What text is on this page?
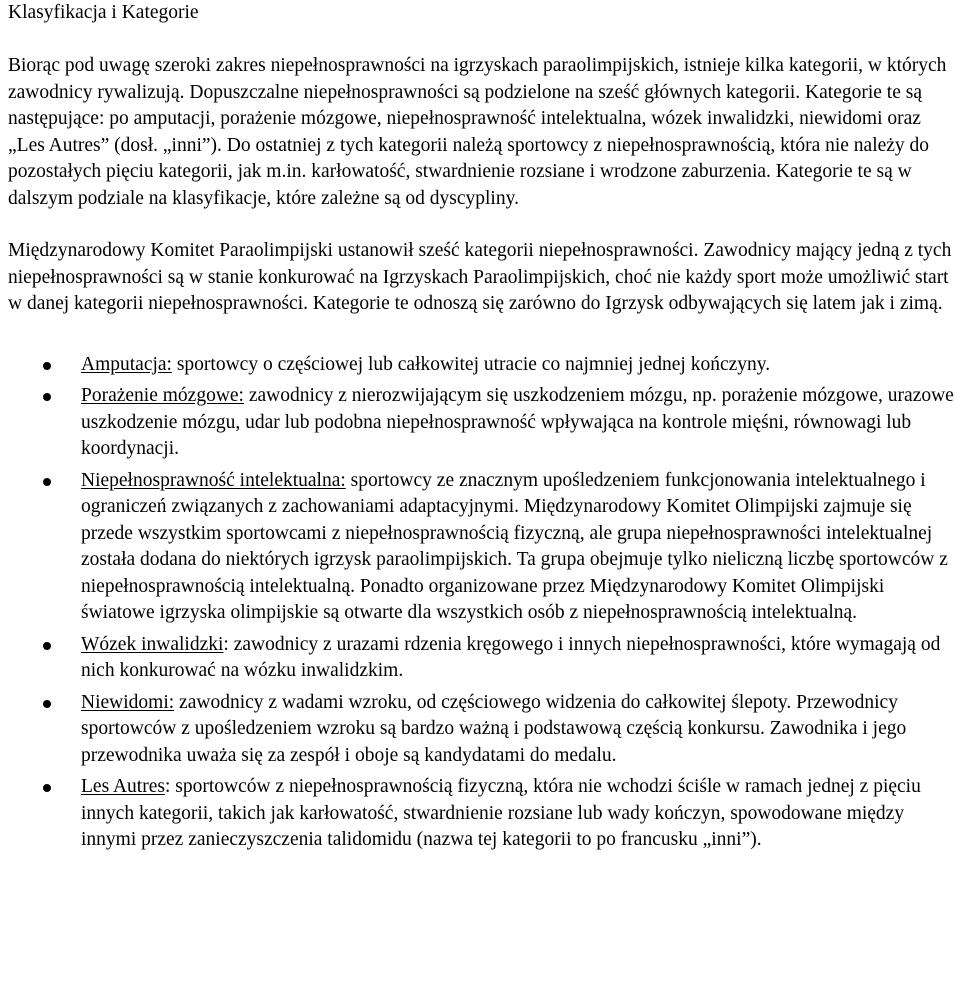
Klasyfikacja i Kategorie

Biorąc pod uwagę szeroki zakres niepełnosprawności na igrzyskach paraolimpijskich, istnieje kilka kategorii, w których zawodnicy rywalizują. Dopuszczalne niepełnosprawności są podzielone na sześć głównych kategorii. Kategorie te są następujące: po amputacji, porażenie mózgowe, niepełnosprawność intelektualna, wózek inwalidzki, niewidomi oraz „Les Autres” (dosł. „inni”). Do ostatniej z tych kategorii należą sportowcy z niepełnosprawnością, która nie należy do pozostałych pięciu kategorii, jak m.in. karłowatość, stwardnienie rozsiane i wrodzone zaburzenia. Kategorie te są w dalszym podziale na klasyfikacje, które zależne są od dyscypliny.

Międzynarodowy Komitet Paraolimpijski ustanowił sześć kategorii niepełnosprawności. Zawodnicy mający jedną z tych niepełnosprawności są w stanie konkurować na Igrzyskach Paraolimpijskich, choć nie każdy sport może umożliwić start w danej kategorii niepełnosprawności. Kategorie te odnoszą się zarówno do Igrzysk odbywających się latem jak i zimą.

Amputacja: sportowcy o częściowej lub całkowitej utracie co najmniej jednej kończyny.
Porażenie mózgowe: zawodnicy z nierozwijającym się uszkodzeniem mózgu, np. porażenie mózgowe, urazowe uszkodzenie mózgu, udar lub podobna niepełnosprawność wpływająca na kontrole mięśni, równowagi lub koordynacji.
Niepełnosprawność intelektualna: sportowcy ze znacznym upośledzeniem funkcjonowania intelektualnego i ograniczeń związanych z zachowaniami adaptacyjnymi. Międzynarodowy Komitet Olimpijski zajmuje się przede wszystkim sportowcami z niepełnosprawnością fizyczną, ale grupa niepełnosprawności intelektualnej została dodana do niektórych igrzysk paraolimpijskich. Ta grupa obejmuje tylko nieliczną liczbę sportowców z niepełnosprawnością intelektualną. Ponadto organizowane przez Międzynarodowy Komitet Olimpijski światowe igrzyska olimpijskie są otwarte dla wszystkich osób z niepełnosprawnością intelektualną.
Wózek inwalidzki: zawodnicy z urazami rdzenia kręgowego i innych niepełnosprawności, które wymagają od nich konkurować na wózku inwalidzkim.
Niewidomi: zawodnicy z wadami wzroku, od częściowego widzenia do całkowitej ślepoty. Przewodnicy sportowców z upośledzeniem wzroku są bardzo ważną i podstawową częścią konkursu. Zawodnika i jego przewodnika uważa się za zespół i oboje są kandydatami do medalu.
Les Autres: sportowców z niepełnosprawnością fizyczną, która nie wchodzi ściśle w ramach jednej z pięciu innych kategorii, takich jak karłowatość, stwardnienie rozsiane lub wady kończyn, spowodowane między innymi przez zanieczyszczenia talidomidu (nazwa tej kategorii to po francusku „inni”).
